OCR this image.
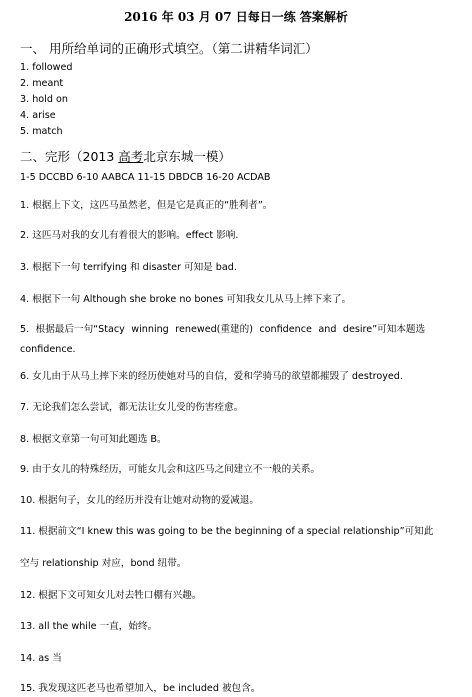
2016 年 03 月 07 日每日一练 答案解析
一、 用所给单词的正确形式填空。（第二讲精华词汇）
1. followed
2. meant
3. hold on
4. arise
5. match
二、完形（2013 高考北京东城一模）
1-5 DCCBD 6-10 AABCA 11-15 DBDCB 16-20 ACDAB
1. 根据上下文，这匹马虽然老，但是它是真正的“胜利者”。
2. 这匹马对我的女儿有着很大的影响。effect 影响.
3. 根据下一句 terrifying 和 disaster 可知是 bad.
4. 根据下一句 Although she broke no bones 可知我女儿从马上摔下来了。
5. 根据最后一句“Stacy winning renewed(重建的) confidence and desire”可知本题选
confidence.
6. 女儿由于从马上摔下来的经历使她对马的自信，爱和学骑马的欲望都摧毁了 destroyed.
7. 无论我们怎么尝试，都无法让女儿受的伤害痊愈。
8. 根据文章第一句可知此题选 B。
9. 由于女儿的特殊经历，可能女儿会和这匹马之间建立不一般的关系。
10. 根据句子，女儿的经历并没有让她对动物的爱减退。
11. 根据前文“I knew this was going to be the beginning of a special relationship”可知此
空与 relationship 对应，bond 纽带。
12. 根据下文可知女儿对去牲口棚有兴趣。
13. all the while 一直，始终。
14. as 当
15. 我发现这匹老马也希望加入，be included 被包含。
